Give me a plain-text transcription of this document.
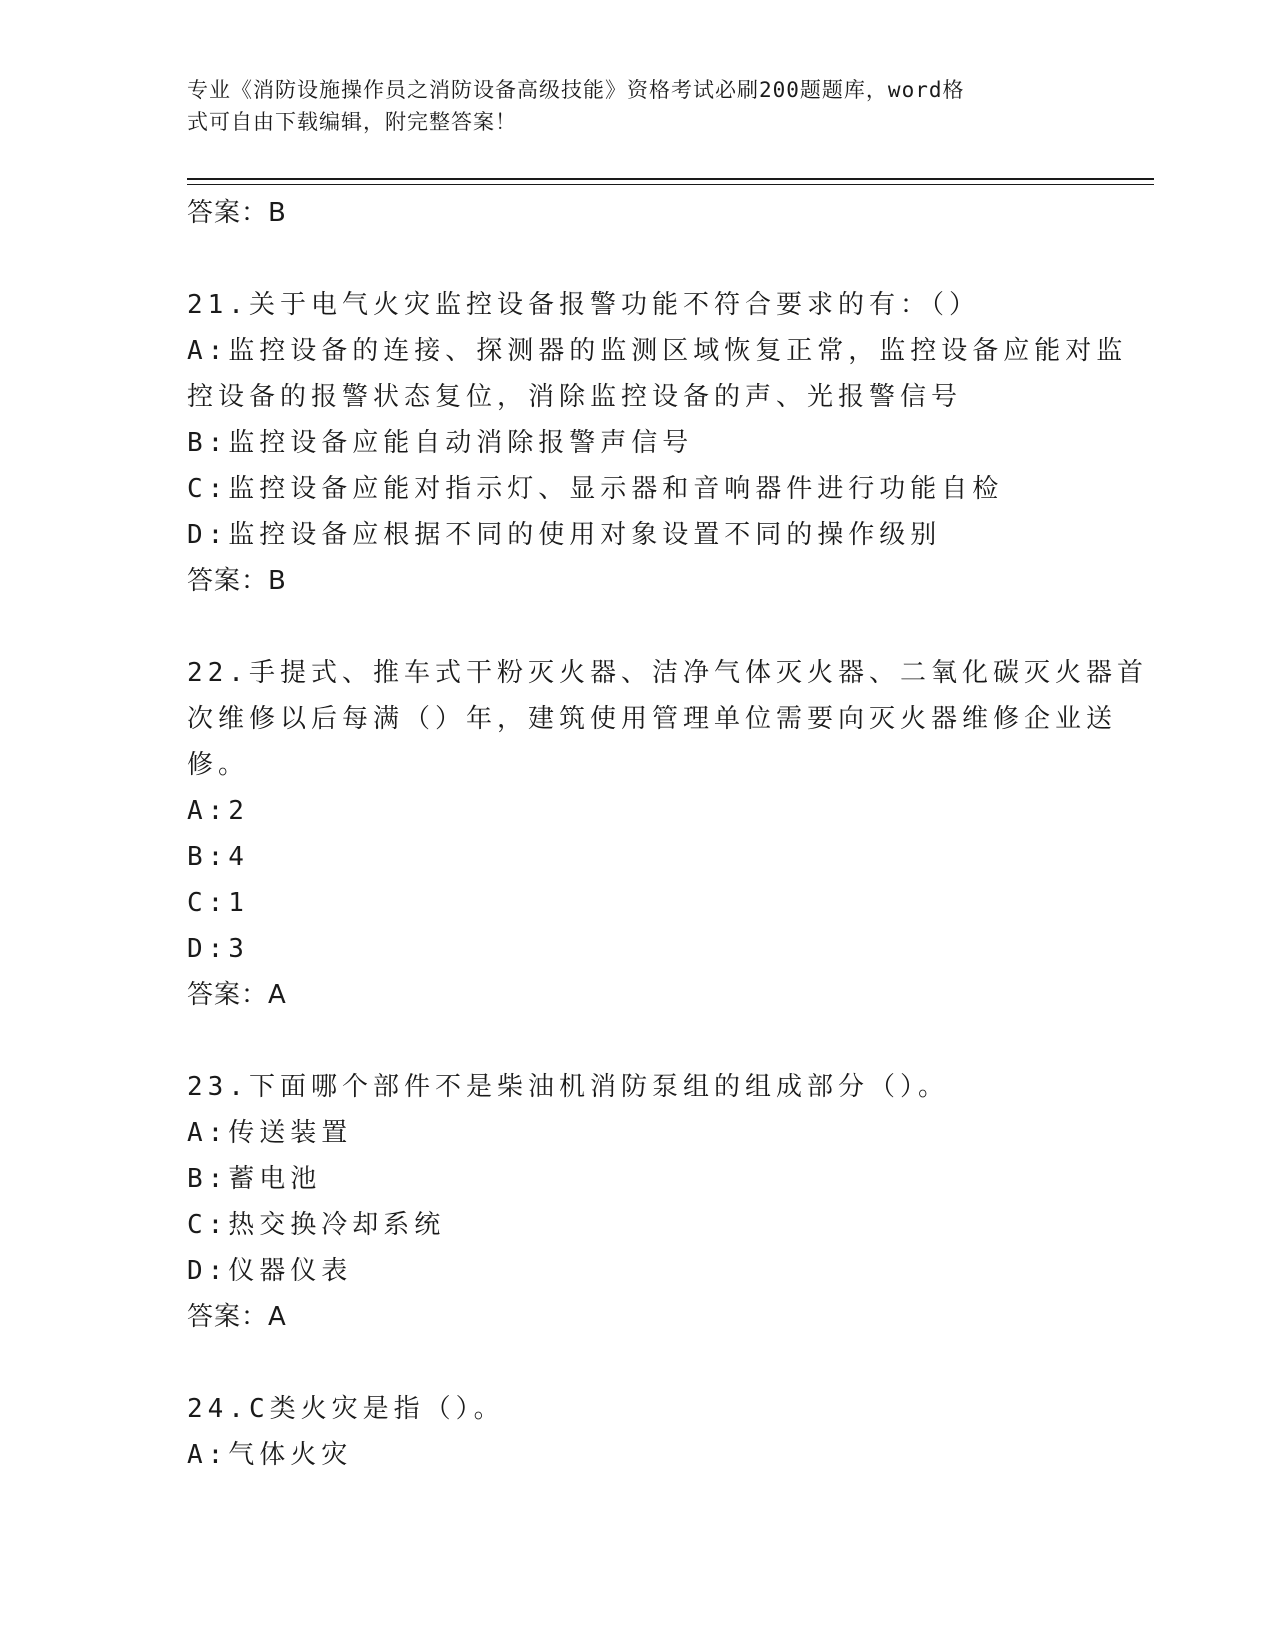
专业《消防设施操作员之消防设备高级技能》资格考试必刷200题题库，word格
式可自由下载编辑，附完整答案！
答案：B
21.关于电气火灾监控设备报警功能不符合要求的有：（）
A:监控设备的连接、探测器的监测区域恢复正常，监控设备应能对监
控设备的报警状态复位，消除监控设备的声、光报警信号
B:监控设备应能自动消除报警声信号
C:监控设备应能对指示灯、显示器和音响器件进行功能自检
D:监控设备应根据不同的使用对象设置不同的操作级别
答案：B
22.手提式、推车式干粉灭火器、洁净气体灭火器、二氧化碳灭火器首
次维修以后每满（）年，建筑使用管理单位需要向灭火器维修企业送
修。
A:2
B:4
C:1
D:3
答案：A
23.下面哪个部件不是柴油机消防泵组的组成部分（）。
A:传送装置
B:蓄电池
C:热交换冷却系统
D:仪器仪表
答案：A
24.C类火灾是指（）。
A:气体火灾
